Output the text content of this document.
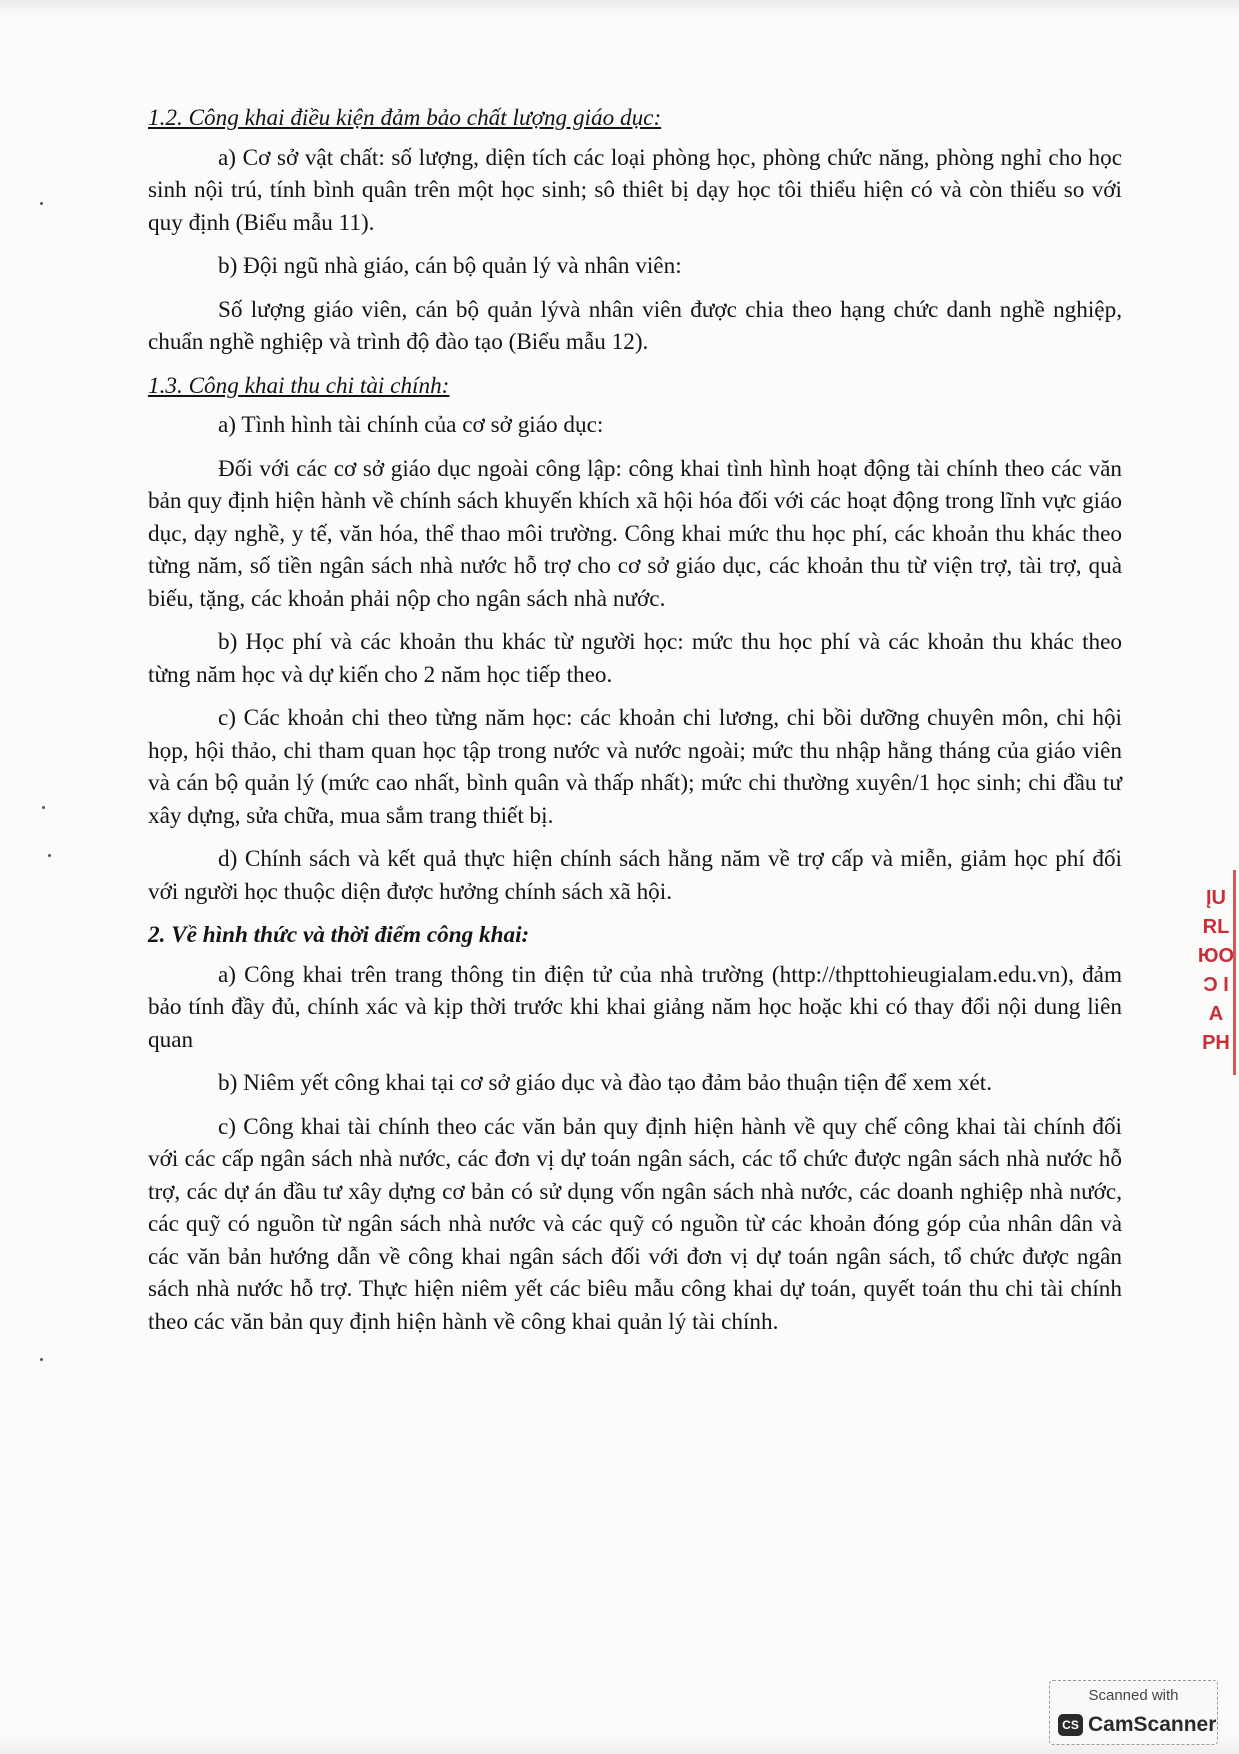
1.2. Công khai điều kiện đảm bảo chất lượng giáo dục:

a) Cơ sở vật chất: số lượng, diện tích các loại phòng học, phòng chức năng, phòng nghỉ cho học sinh nội trú, tính bình quân trên một học sinh; sô thiêt bị dạy học tôi thiểu hiện có và còn thiếu so với quy định (Biểu mẫu 11).

b) Đội ngũ nhà giáo, cán bộ quản lý và nhân viên:

Số lượng giáo viên, cán bộ quản lývà nhân viên được chia theo hạng chức danh nghề nghiệp, chuẩn nghề nghiệp và trình độ đào tạo (Biểu mẫu 12).

1.3. Công khai thu chi tài chính:

a) Tình hình tài chính của cơ sở giáo dục:

Đối với các cơ sở giáo dục ngoài công lập: công khai tình hình hoạt động tài chính theo các văn bản quy định hiện hành về chính sách khuyến khích xã hội hóa đối với các hoạt động trong lĩnh vực giáo dục, dạy nghề, y tế, văn hóa, thể thao môi trường. Công khai mức thu học phí, các khoản thu khác theo từng năm, số tiền ngân sách nhà nước hỗ trợ cho cơ sở giáo dục, các khoản thu từ viện trợ, tài trợ, quà biếu, tặng, các khoản phải nộp cho ngân sách nhà nước.

b) Học phí và các khoản thu khác từ người học: mức thu học phí và các khoản thu khác theo từng năm học và dự kiến cho 2 năm học tiếp theo.

c) Các khoản chi theo từng năm học: các khoản chi lương, chi bồi dưỡng chuyên môn, chi hội họp, hội thảo, chi tham quan học tập trong nước và nước ngoài; mức thu nhập hằng tháng của giáo viên và cán bộ quản lý (mức cao nhất, bình quân và thấp nhất); mức chi thường xuyên/1 học sinh; chi đầu tư xây dựng, sửa chữa, mua sắm trang thiết bị.

d) Chính sách và kết quả thực hiện chính sách hằng năm về trợ cấp và miễn, giảm học phí đối với người học thuộc diện được hưởng chính sách xã hội.

2. Về hình thức và thời điểm công khai:

a) Công khai trên trang thông tin điện tử của nhà trường (http://thpttohieugialam.edu.vn), đảm bảo tính đầy đủ, chính xác và kịp thời trước khi khai giảng năm học hoặc khi có thay đổi nội dung liên quan

b) Niêm yết công khai tại cơ sở giáo dục và đào tạo đảm bảo thuận tiện để xem xét.

c) Công khai tài chính theo các văn bản quy định hiện hành về quy chế công khai tài chính đối với các cấp ngân sách nhà nước, các đơn vị dự toán ngân sách, các tổ chức được ngân sách nhà nước hỗ trợ, các dự án đầu tư xây dựng cơ bản có sử dụng vốn ngân sách nhà nước, các doanh nghiệp nhà nước, các quỹ có nguồn từ ngân sách nhà nước và các quỹ có nguồn từ các khoản đóng góp của nhân dân và các văn bản hướng dẫn về công khai ngân sách đối với đơn vị dự toán ngân sách, tổ chức được ngân sách nhà nước hỗ trợ. Thực hiện niêm yết các biêu mẫu công khai dự toán, quyết toán thu chi tài chính theo các văn bản quy định hiện hành về công khai quản lý tài chính.

ĮU
RL
ЮО
Ɔ I
A
PH
Scanned with
CS CamScanner
